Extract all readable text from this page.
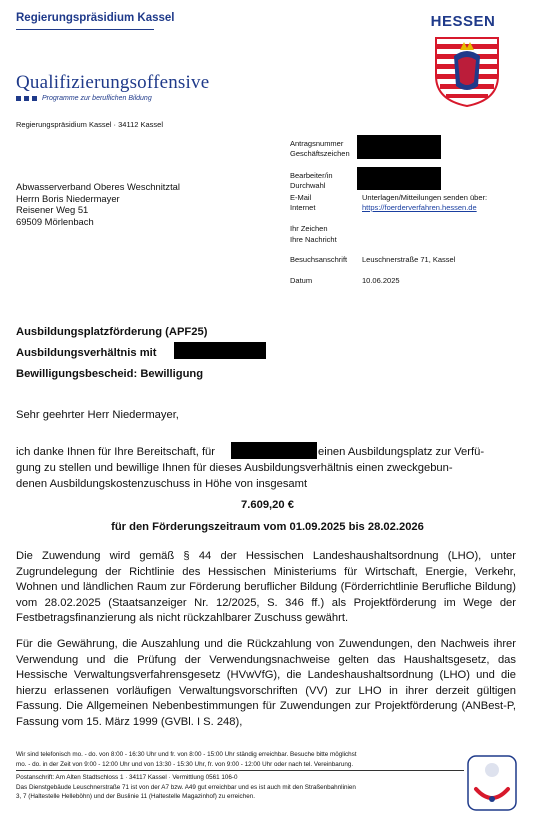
Regierungspräsidium Kassel	HESSEN
Qualifizierungsoffensive
Programme zur beruflichen Bildung
Regierungspräsidium Kassel · 34112 Kassel
Abwasserverband Oberes Weschnitztal
Herrn Boris Niedermayer
Reisener Weg 51
69509 Mörlenbach
Antragsnummer
Geschäftszeichen
Bearbeiter/in
Durchwahl
E-Mail	Unterlagen/Mitteilungen senden über:
Internet	https://foerderverfahren.hessen.de
Ihr Zeichen
Ihre Nachricht
Besuchsanschrift Leuschnerstraße 71, Kassel
Datum	10.06.2025
Ausbildungsplatzförderung (APF25)
Ausbildungsverhältnis mit
Bewilligungsbescheid: Bewilligung
Sehr geehrter Herr Niedermayer,
ich danke Ihnen für Ihre Bereitschaft, für	einen Ausbildungsplatz zur Verfü-
gung zu stellen und bewillige Ihnen für dieses Ausbildungsverhältnis einen zweckgebun-
denen Ausbildungskostenzuschuss in Höhe von insgesamt
7.609,20 €
für den Förderungszeitraum vom 01.09.2025 bis 28.02.2026

Die Zuwendung wird gemäß § 44 der Hessischen Landeshaushaltsordnung (LHO), unter Zugrundelegung der Richtlinie des Hessischen Ministeriums für Wirtschaft, Energie, Verkehr, Wohnen und ländlichen Raum zur Förderung beruflicher Bildung (Förderrichtlinie Berufliche Bildung) vom 28.02.2025 (Staatsanzeiger Nr. 12/2025, S. 346 ff.) als Projektförderung im Wege der Festbetragsfinanzierung als nicht rückzahlbarer Zuschuss gewährt.

Für die Gewährung, die Auszahlung und die Rückzahlung von Zuwendungen, den Nachweis ihrer Verwendung und die Prüfung der Verwendungsnachweise gelten das Haushaltsgesetz, das Hessische Verwaltungsverfahrensgesetz (HVwVfG), die Landeshaushaltsordnung (LHO) und die hierzu erlassenen vorläufigen Verwaltungsvorschriften (VV) zur LHO in ihrer derzeit gültigen Fassung. Die Allgemeinen Nebenbestimmungen für Zuwendungen zur Projektförderung (ANBest-P, Fassung vom 15. März 1999 (GVBl. I S. 248),

Wir sind telefonisch mo. - do. von 8:00 - 16:30 Uhr und fr. von 8:00 - 15:00 Uhr ständig erreichbar. Besuche bitte möglichst
mo. - do. in der Zeit von 9:00 - 12:00 Uhr und von 13:30 - 15:30 Uhr, fr. von 9:00 - 12:00 Uhr oder nach tel. Vereinbarung.
Postanschrift: Am Alten Stadtschloss 1 · 34117 Kassel · Vermittlung 0561 106-0
Das Dienstgebäude Leuschnerstraße 71 ist von der A7 bzw. A49 gut erreichbar und es ist auch mit den Straßenbahnlinien
3, 7 (Haltestelle Helleböhn) und der Buslinie 11 (Haltestelle Magazinhof) zu erreichen.
